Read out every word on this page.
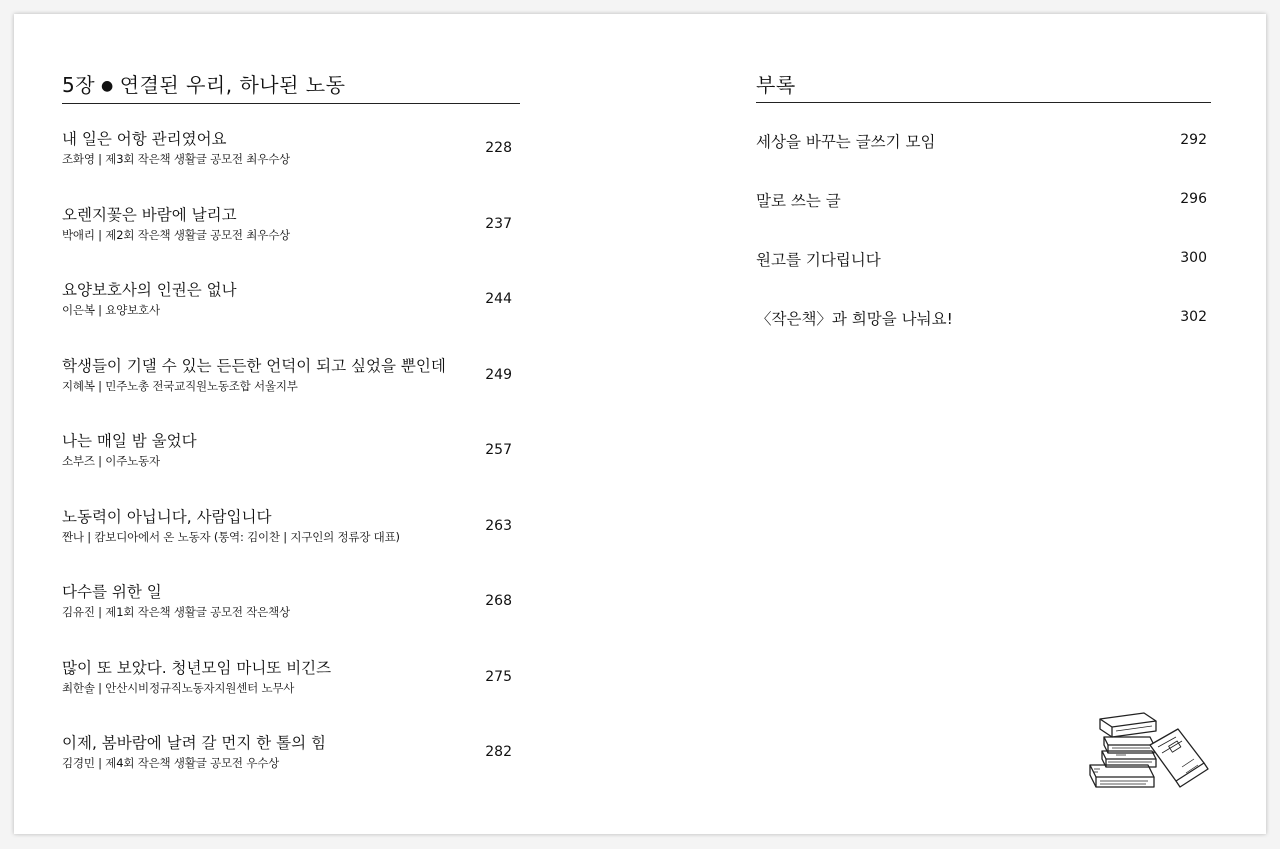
5장 ● 연결된 우리, 하나된 노동
내 일은 어항 관리였어요
조화영 | 제3회 작은책 생활글 공모전 최우수상
228
오렌지꽃은 바람에 날리고
박애리 | 제2회 작은책 생활글 공모전 최우수상
237
요양보호사의 인권은 없나
이은복 | 요양보호사
244
학생들이 기댈 수 있는 든든한 언덕이 되고 싶었을 뿐인데
지혜복 | 민주노총 전국교직원노동조합 서울지부
249
나는 매일 밤 울었다
소부즈 | 이주노동자
257
노동력이 아닙니다, 사람입니다
짠나 | 캄보디아에서 온 노동자 (통역: 김이찬 | 지구인의 정류장 대표)
263
다수를 위한 일
김유진 | 제1회 작은책 생활글 공모전 작은책상
268
많이 또 보았다. 청년모임 마니또 비긴즈
최한솔 | 안산시비정규직노동자지원센터 노무사
275
이제, 봄바람에 날려 갈 먼지 한 톨의 힘
김경민 | 제4회 작은책 생활글 공모전 우수상
282
부록
세상을 바꾸는 글쓰기 모임	292
말로 쓰는 글	296
원고를 기다립니다	300
〈작은책〉과 희망을 나눠요!	302
